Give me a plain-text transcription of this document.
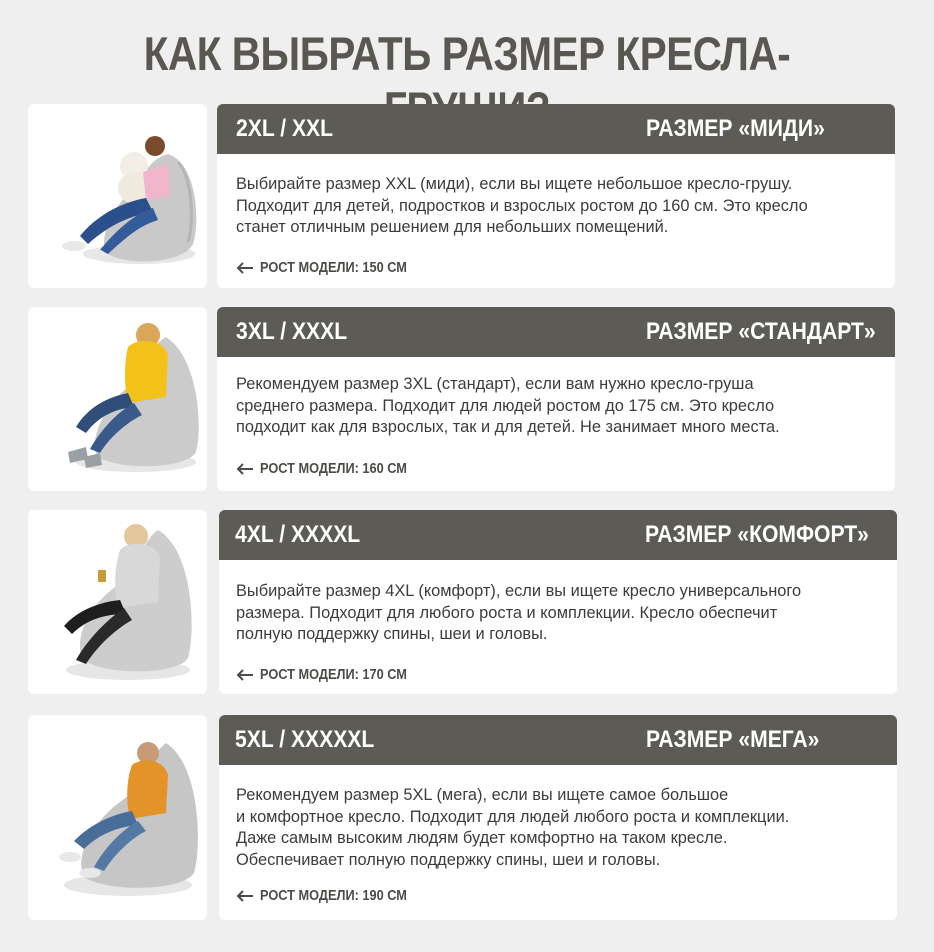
КАК ВЫБРАТЬ РАЗМЕР КРЕСЛА-
2XL / XXL	РАЗМЕР «МИДИ»
Выбирайте размер XXL (миди), если вы ищете небольшое кресло-грушу.
Подходит для детей, подростков и взрослых ростом до 160 см. Это кресло
станет отличным решением для небольших помещений.
РОСТ МОДЕЛИ: 150 СМ
3XL / XXXL	РАЗМЕР «СТАНДАРТ»
Рекомендуем размер 3XL (стандарт), если вам нужно кресло-груша
среднего размера. Подходит для людей ростом до 175 см. Это кресло
подходит как для взрослых, так и для детей. Не занимает много места.
РОСТ МОДЕЛИ: 160 СМ
4XL / XXXXL	РАЗМЕР «КОМФОРТ»
Выбирайте размер 4XL (комфорт), если вы ищете кресло универсального
размера. Подходит для любого роста и комплекции. Кресло обеспечит
полную поддержку спины, шеи и головы.
РОСТ МОДЕЛИ: 170 СМ
5XL / XXXXXL	РАЗМЕР «МЕГА»
Рекомендуем размер 5XL (мега), если вы ищете самое большое
и комфортное кресло. Подходит для людей любого роста и комплекции.
Даже самым высоким людям будет комфортно на таком кресле.
Обеспечивает полную поддержку спины, шеи и головы.
РОСТ МОДЕЛИ: 190 СМ
